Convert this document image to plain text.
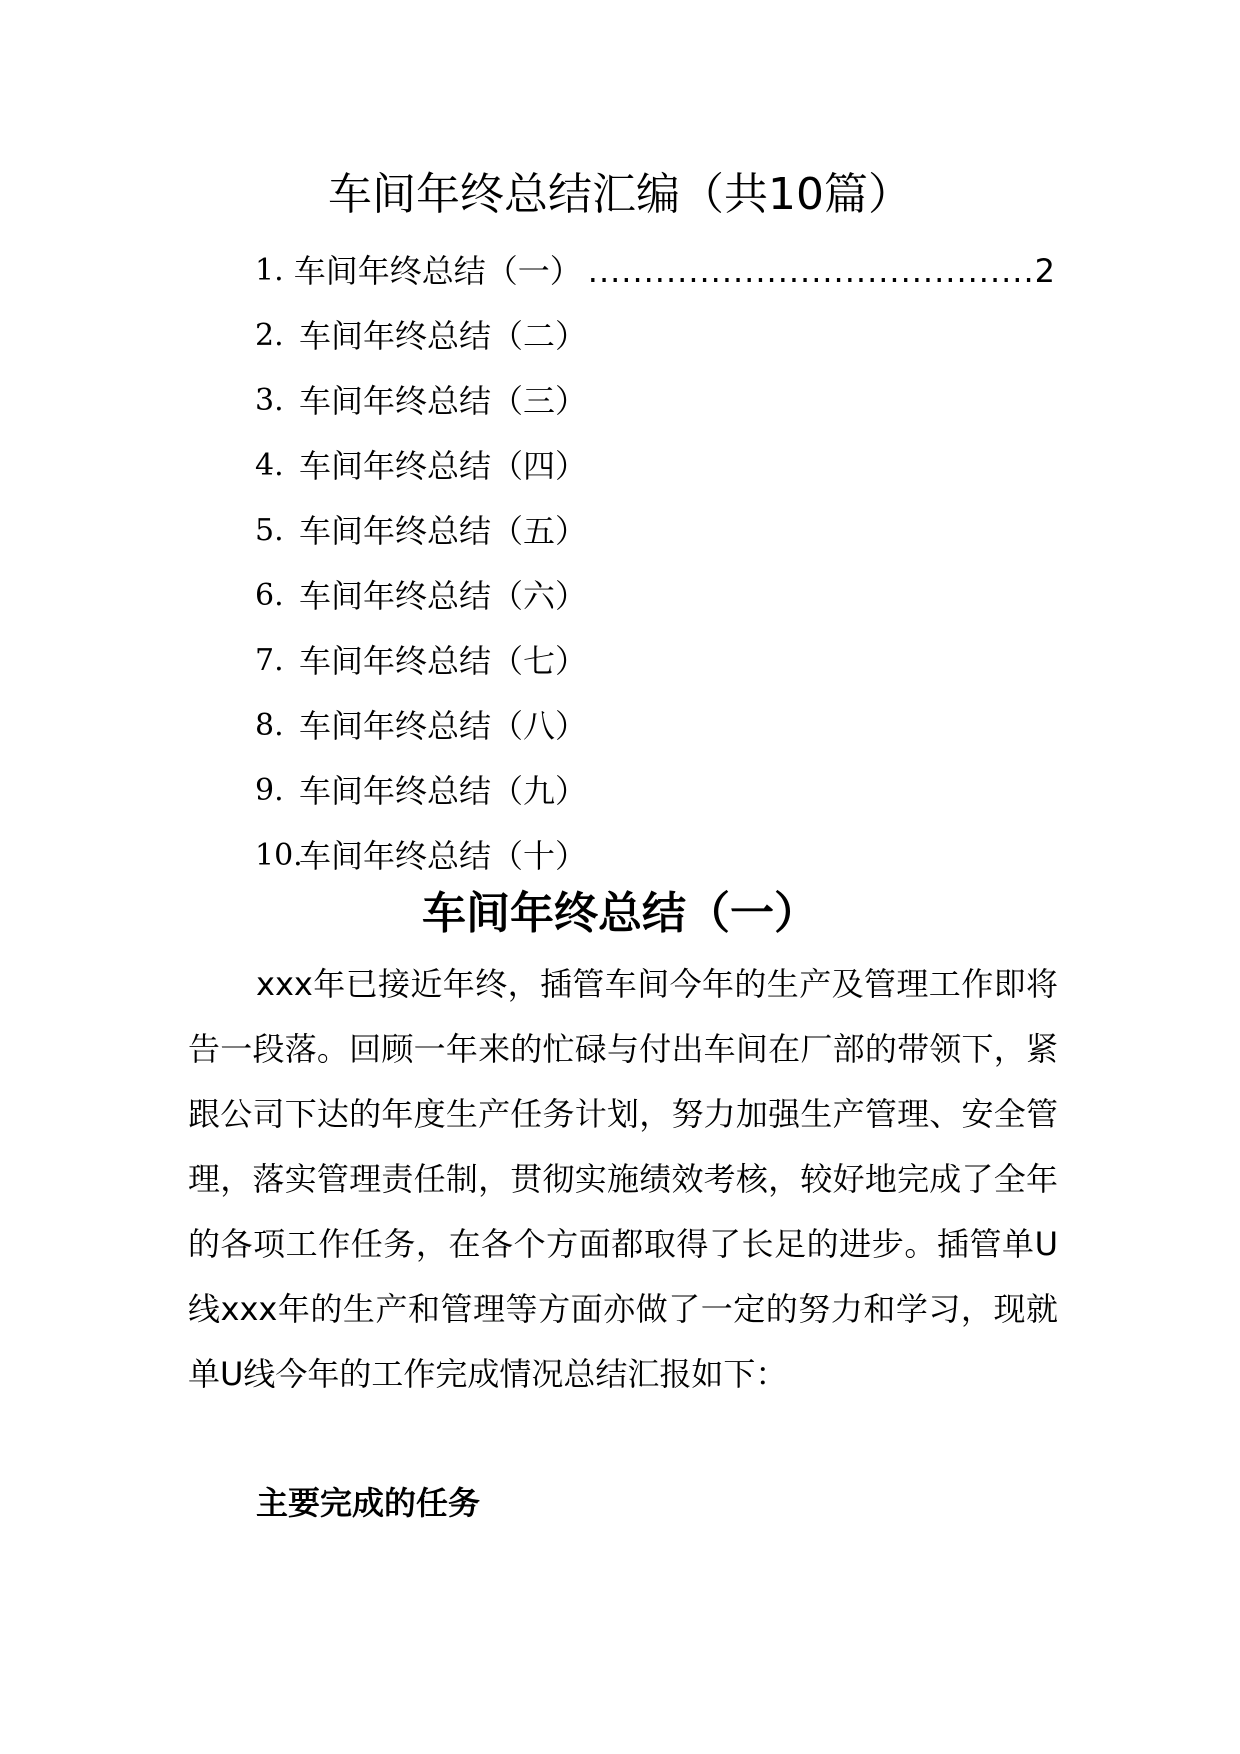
车间年终总结汇编（共10篇）
1. 车间年终总结（一） ........................................ 2
2. 车间年终总结（二）
3. 车间年终总结（三）
4. 车间年终总结（四）
5. 车间年终总结（五）
6. 车间年终总结（六）
7. 车间年终总结（七）
8. 车间年终总结（八）
9. 车间年终总结（九）
10.
车间年终总结（十）
车间年终总结（一）

xxx年已接近年终，插管车间今年的生产及管理工作即将告一段落。回顾一年来的忙碌与付出车间在厂部的带领下，紧跟公司下达的年度生产任务计划，努力加强生产管理、安全管理，落实管理责任制，贯彻实施绩效考核，较好地完成了全年的各项工作任务，在各个方面都取得了长足的进步。插管单U线xxx年的生产和管理等方面亦做了一定的努力和学习，现就单U线今年的工作完成情况总结汇报如下：

主要完成的任务
